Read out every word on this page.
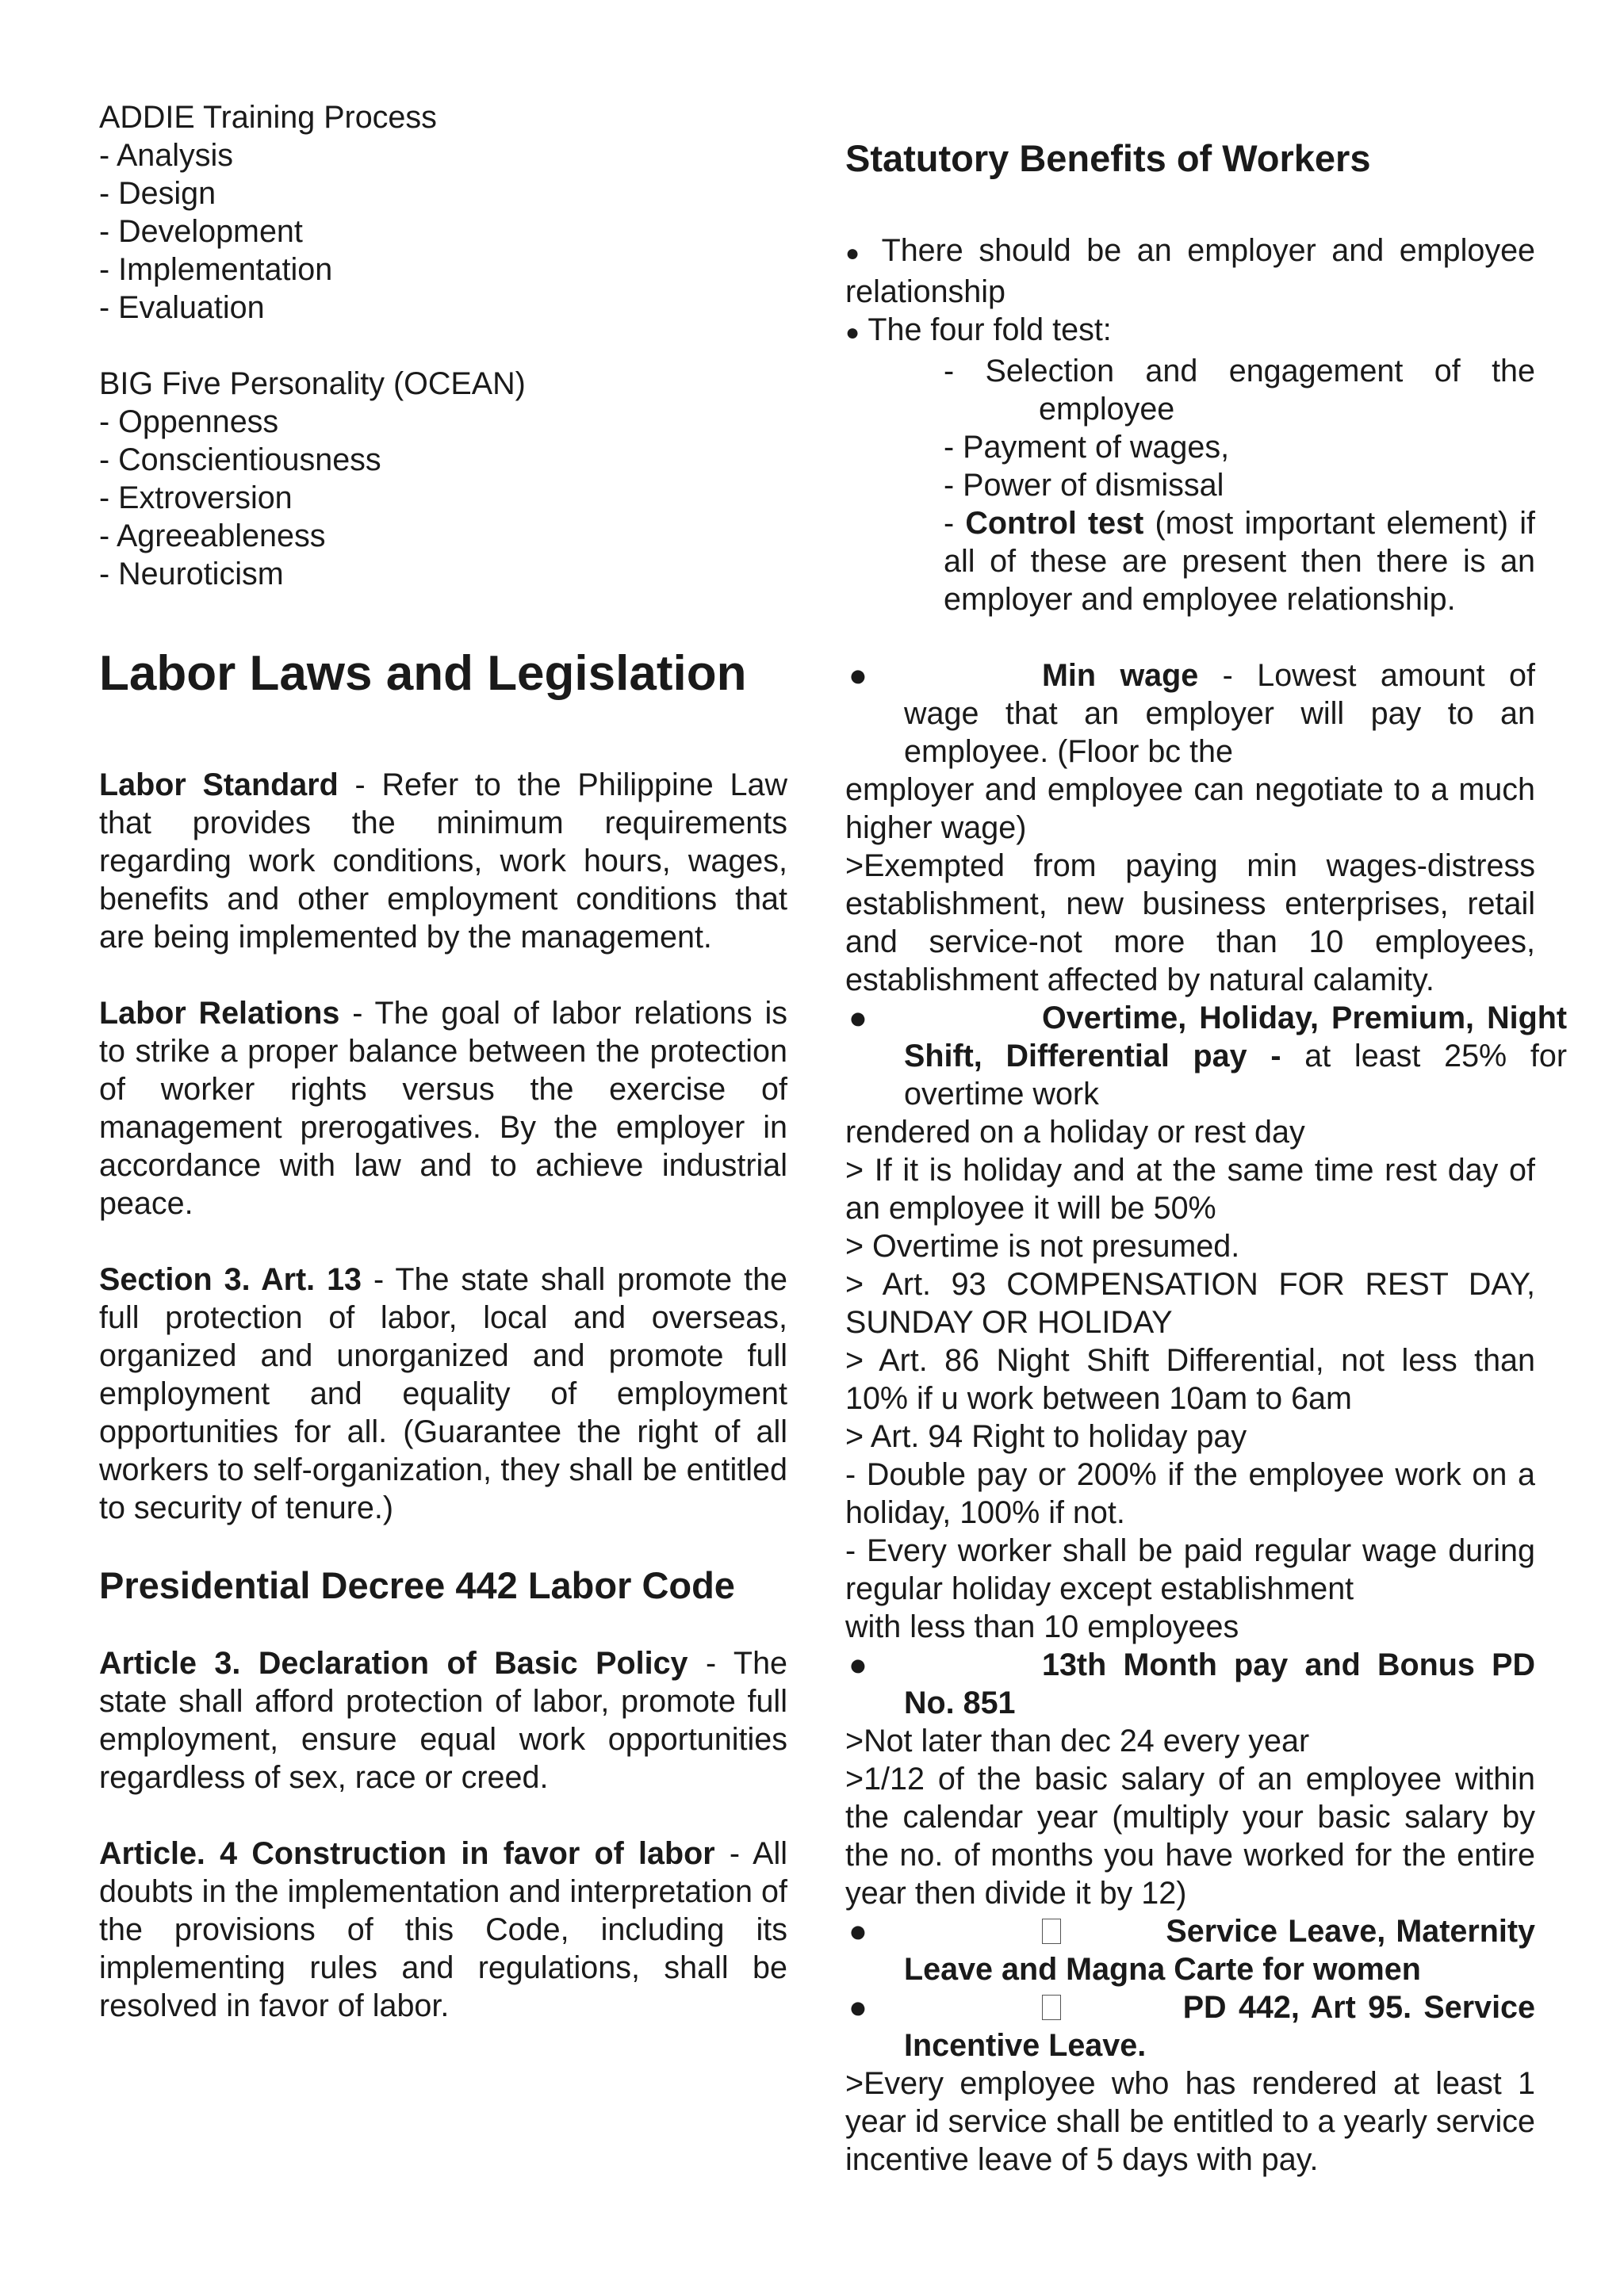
ADDIE Training Process

- Analysis

- Design

- Development

- Implementation

- Evaluation

BIG Five Personality (OCEAN)

- Oppenness

- Conscientiousness

- Extroversion

- Agreeableness

- Neuroticism

Labor Laws and Legislation

Labor Standard - Refer to the Philippine Law that provides the minimum requirements regarding work conditions, work hours, wages, benefits and other employment conditions that are being implemented by the management.

Labor Relations - The goal of labor relations is to strike a proper balance between the protection of worker rights versus the exercise of management prerogatives. By the employer in accordance with law and to achieve industrial peace.

Section 3. Art. 13 - The state shall promote the full protection of labor, local and overseas, organized and unorganized and promote full employment and equality of employment opportunities for all. (Guarantee the right of all workers to self-organization, they shall be entitled to security of tenure.)

Presidential Decree 442 Labor Code

Article 3. Declaration of Basic Policy - The state shall afford protection of labor, promote full employment, ensure equal work opportunities regardless of sex, race or creed.

Article. 4 Construction in favor of labor - All doubts in the implementation and interpretation of the provisions of this Code, including its implementing rules and regulations, shall be resolved in favor of labor.

Statutory Benefits of Workers

● There should be an employer and employee relationship

● The four fold test:

- Selection and engagement of the

employee

- Payment of wages,

- Power of dismissal

- Control test (most important element) if all of these are present then there is an employer and employee relationship.

●	Min wage - Lowest amount of wage that an employer will pay to an employee. (Floor bc the

employer and employee can negotiate to a much higher wage)

>Exempted from paying min wages-distress establishment, new business enterprises, retail and service-not more than 10 employees, establishment affected by natural calamity.

●	Overtime, Holiday, Premium, Night Shift, Differential pay - at least 25% for overtime work

rendered on a holiday or rest day

> If it is holiday and at the same time rest day of an employee it will be 50%

> Overtime is not presumed.

> Art. 93 COMPENSATION FOR REST DAY, SUNDAY OR HOLIDAY

> Art. 86 Night Shift Differential, not less than 10% if u work between 10am to 6am

> Art. 94 Right to holiday pay

- Double pay or 200% if the employee work on a holiday, 100% if not.

- Every worker shall be paid regular wage during regular holiday except establishment

with less than 10 employees

●	13th Month pay and Bonus PD No. 851

>Not later than dec 24 every year

>1/12 of the basic salary of an employee within the calendar year (multiply your basic salary by the no. of months you have worked for the entire year then divide it by 12)

●	Service Leave, Maternity Leave and Magna Carte for women

●	PD 442, Art 95. Service Incentive Leave.

>Every employee who has rendered at least 1 year id service shall be entitled to a yearly service incentive leave of 5 days with pay.
